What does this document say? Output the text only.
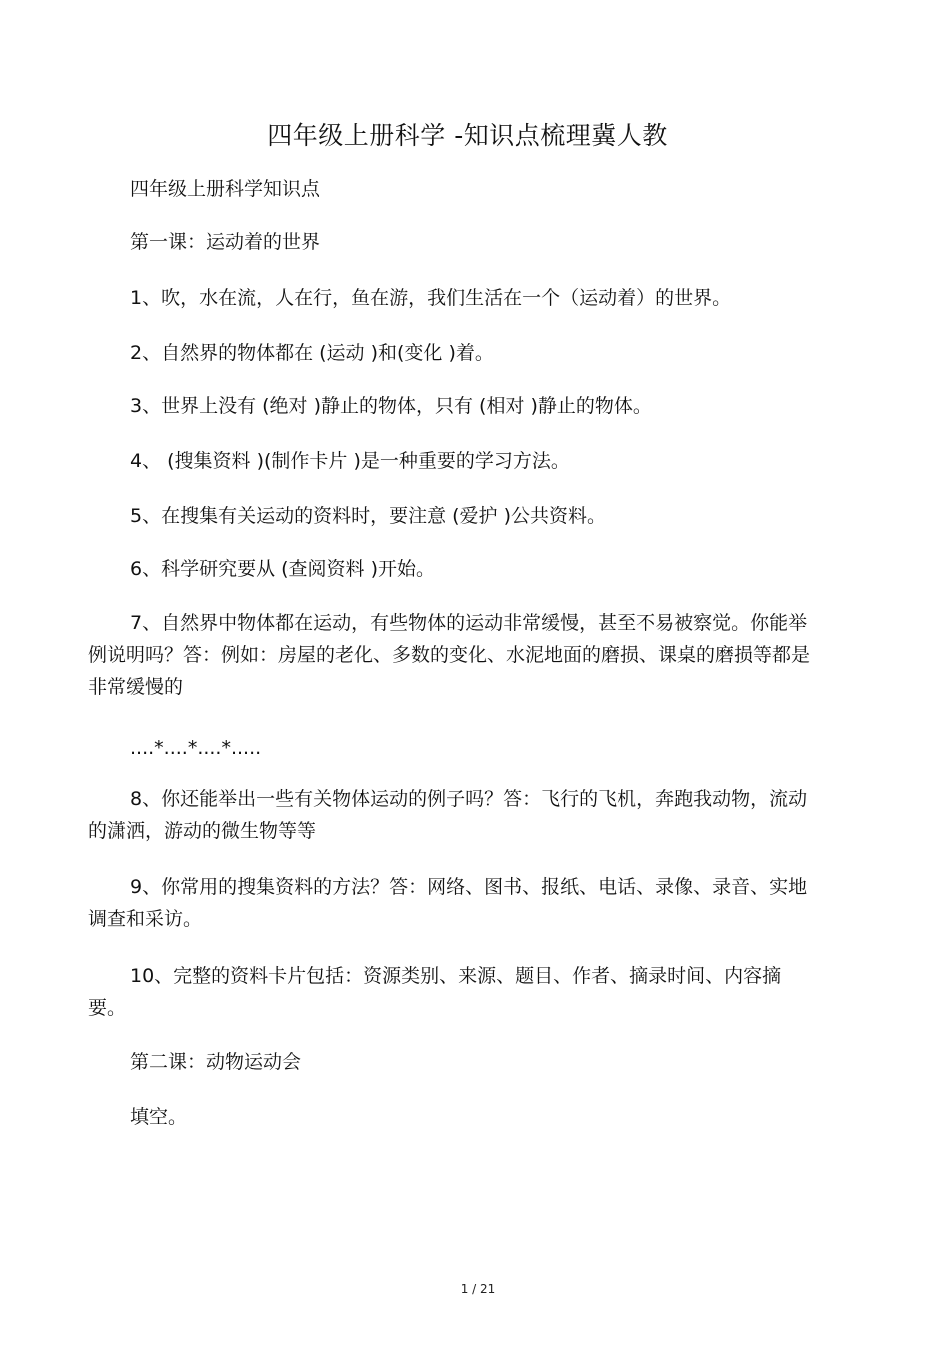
四年级上册科学 -知识点梳理冀人教
四年级上册科学知识点
第一课：运动着的世界
1、吹，水在流，人在行，鱼在游，我们生活在一个（运动着）的世界。
2、自然界的物体都在 (运动 )和(变化 )着。
3、世界上没有 (绝对 )静止的物体，只有 (相对 )静止的物体。
4、 (搜集资料 )(制作卡片 )是一种重要的学习方法。
5、在搜集有关运动的资料时，要注意 (爱护 )公共资料。
6、科学研究要从 (查阅资料 )开始。
7、自然界中物体都在运动，有些物体的运动非常缓慢，甚至不易被察觉。你能举例说明吗？答：例如：房屋的老化、多数的变化、水泥地面的磨损、课桌的磨损等都是非常缓慢的
....*....*....*.....
8、你还能举出一些有关物体运动的例子吗？答：飞行的飞机，奔跑我动物，流动的潇洒，游动的微生物等等
9、你常用的搜集资料的方法？答：网络、图书、报纸、电话、录像、录音、实地调查和采访。
10、完整的资料卡片包括：资源类别、来源、题目、作者、摘录时间、内容摘要。
第二课：动物运动会
填空。
1 / 21
